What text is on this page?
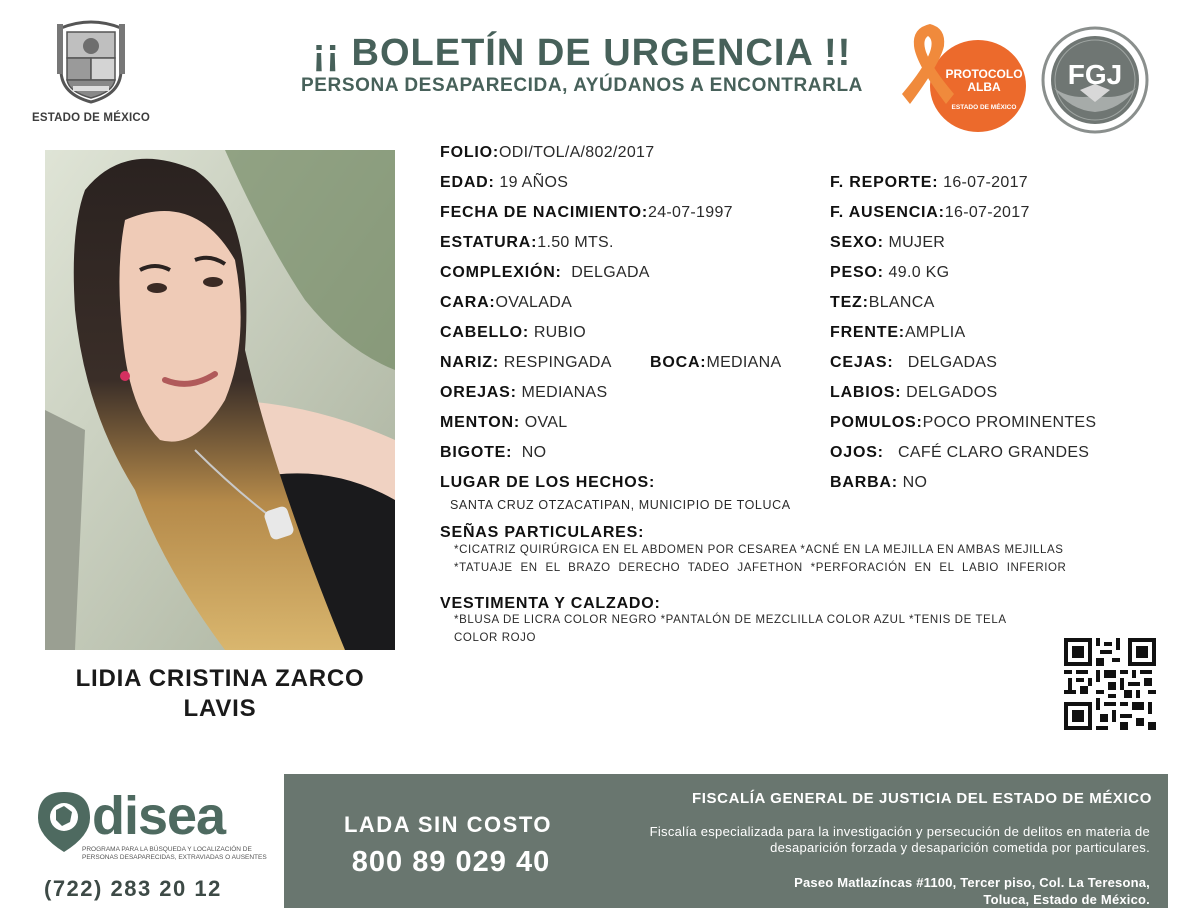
ESTADO DE MÉXICO
¡¡ BOLETÍN DE URGENCIA !!
PERSONA DESAPARECIDA, AYÚDANOS A ENCONTRARLA
PROTOCOLO
ALBA
ESTADO DE MÉXICO
FGJ
LIDIA CRISTINA ZARCO
LAVIS
FOLIO:ODI/TOL/A/802/2017
EDAD: 19 AÑOS	F. REPORTE: 16-07-2017
FECHA DE NACIMIENTO:24-07-1997	F. AUSENCIA:16-07-2017
ESTATURA:1.50 MTS.	SEXO: MUJER
COMPLEXIÓN: DELGADA	PESO: 49.0 KG
CARA:OVALADA	TEZ:BLANCA
CABELLO: RUBIO	FRENTE:AMPLIA
NARIZ: RESPINGADA BOCA:MEDIANA	CEJAS: DELGADAS
OREJAS: MEDIANAS	LABIOS: DELGADOS
MENTON: OVAL	POMULOS:POCO PROMINENTES
BIGOTE: NO	OJOS: CAFÉ CLARO GRANDES
LUGAR DE LOS HECHOS:	BARBA: NO
SANTA CRUZ OTZACATIPAN, MUNICIPIO DE TOLUCA
SEÑAS PARTICULARES:
*CICATRIZ QUIRÚRGICA EN EL ABDOMEN POR CESAREA *ACNÉ EN LA MEJILLA EN AMBAS MEJILLAS
*TATUAJE EN EL BRAZO DERECHO TADEO JAFETHON *PERFORACIÓN EN EL LABIO INFERIOR
VESTIMENTA Y CALZADO:
*BLUSA DE LICRA COLOR NEGRO *PANTALÓN DE MEZCLILLA COLOR AZUL *TENIS DE TELA
COLOR ROJO
disea
PROGRAMA PARA LA BÚSQUEDA Y LOCALIZACIÓN DE PERSONAS DESAPARECIDAS, EXTRAVIADAS O AUSENTES
(722) 283 20 12
LADA SIN COSTO
800 89 029 40
FISCALÍA GENERAL DE JUSTICIA DEL ESTADO DE MÉXICO
Fiscalía especializada para la investigación y persecución de delitos en materia de desaparición forzada y desaparición cometida por particulares.
Paseo Matlazíncas #1100, Tercer piso, Col. La Teresona,
Toluca, Estado de México.
